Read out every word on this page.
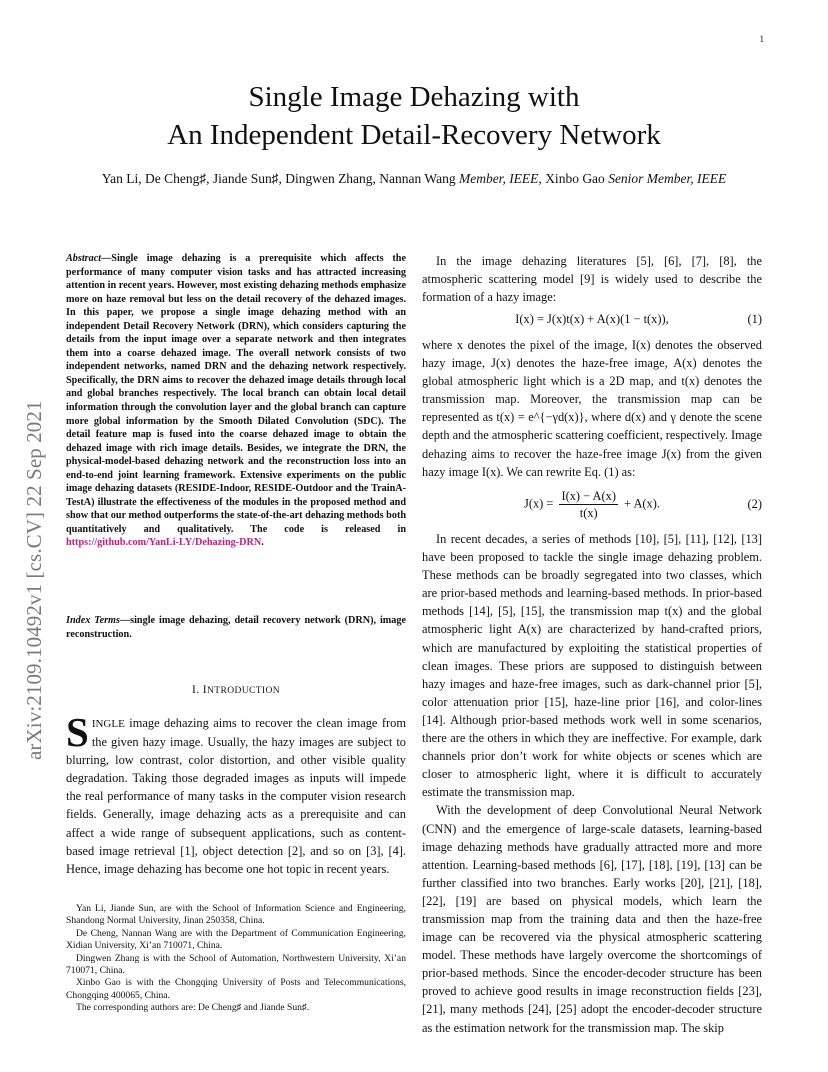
1
arXiv:2109.10492v1 [cs.CV] 22 Sep 2021
Single Image Dehazing with
An Independent Detail-Recovery Network
Yan Li, De Cheng♯, Jiande Sun♯, Dingwen Zhang, Nannan Wang Member, IEEE, Xinbo Gao Senior Member, IEEE
Abstract—Single image dehazing is a prerequisite which affects the performance of many computer vision tasks and has attracted increasing attention in recent years. However, most existing dehazing methods emphasize more on haze removal but less on the detail recovery of the dehazed images. In this paper, we propose a single image dehazing method with an independent Detail Recovery Network (DRN), which considers capturing the details from the input image over a separate network and then integrates them into a coarse dehazed image. The overall network consists of two independent networks, named DRN and the dehazing network respectively. Specifically, the DRN aims to recover the dehazed image details through local and global branches respectively. The local branch can obtain local detail information through the convolution layer and the global branch can capture more global information by the Smooth Dilated Convolution (SDC). The detail feature map is fused into the coarse dehazed image to obtain the dehazed image with rich image details. Besides, we integrate the DRN, the physical-model-based dehazing network and the reconstruction loss into an end-to-end joint learning framework. Extensive experiments on the public image dehazing datasets (RESIDE-Indoor, RESIDE-Outdoor and the TrainA-TestA) illustrate the effectiveness of the modules in the proposed method and show that our method outperforms the state-of-the-art dehazing methods both quantitatively and qualitatively. The code is released in https://github.com/YanLi-LY/Dehazing-DRN.
Index Terms—single image dehazing, detail recovery network (DRN), image reconstruction.
I. INTRODUCTION
SINGLE image dehazing aims to recover the clean image from the given hazy image. Usually, the hazy images are subject to blurring, low contrast, color distortion, and other visible quality degradation. Taking those degraded images as inputs will impede the real performance of many tasks in the computer vision research fields. Generally, image dehazing acts as a prerequisite and can affect a wide range of subsequent applications, such as content-based image retrieval [1], object detection [2], and so on [3], [4]. Hence, image dehazing has become one hot topic in recent years.

Yan Li, Jiande Sun, are with the School of Information Science and Engineering, Shandong Normal University, Jinan 250358, China.

De Cheng, Nannan Wang are with the Department of Communication Engineering, Xidian University, Xi’an 710071, China.

Dingwen Zhang is with the School of Automation, Northwestern University, Xi’an 710071, China.

Xinbo Gao is with the Chongqing University of Posts and Telecommunications, Chongqing 400065, China.

The corresponding authors are: De Cheng♯ and Jiande Sun♯.

In the image dehazing literatures [5], [6], [7], [8], the atmospheric scattering model [9] is widely used to describe the formation of a hazy image:

I(x) = J(x)t(x) + A(x)(1 − t(x)),	(1)

where x denotes the pixel of the image, I(x) denotes the observed hazy image, J(x) denotes the haze-free image, A(x) denotes the global atmospheric light which is a 2D map, and t(x) denotes the transmission map. Moreover, the transmission map can be represented as t(x) = e^{−γd(x)}, where d(x) and γ denote the scene depth and the atmospheric scattering coefficient, respectively. Image dehazing aims to recover the haze-free image J(x) from the given hazy image I(x). We can rewrite Eq. (1) as:

$J(x) = \frac{I(x) - A(x)}{t(x)} + A(x)$.	(2)

In recent decades, a series of methods [10], [5], [11], [12], [13] have been proposed to tackle the single image dehazing problem. These methods can be broadly segregated into two classes, which are prior-based methods and learning-based methods. In prior-based methods [14], [5], [15], the transmission map t(x) and the global atmospheric light A(x) are characterized by hand-crafted priors, which are manufactured by exploiting the statistical properties of clean images. These priors are supposed to distinguish between hazy images and haze-free images, such as dark-channel prior [5], color attenuation prior [15], haze-line prior [16], and color-lines [14]. Although prior-based methods work well in some scenarios, there are the others in which they are ineffective. For example, dark channels prior don’t work for white objects or scenes which are closer to atmospheric light, where it is difficult to accurately estimate the transmission map.

With the development of deep Convolutional Neural Network (CNN) and the emergence of large-scale datasets, learning-based image dehazing methods have gradually attracted more and more attention. Learning-based methods [6], [17], [18], [19], [13] can be further classified into two branches. Early works [20], [21], [18], [22], [19] are based on physical models, which learn the transmission map from the training data and then the haze-free image can be recovered via the physical atmospheric scattering model. These methods have largely overcome the shortcomings of prior-based methods. Since the encoder-decoder structure has been proved to achieve good results in image reconstruction fields [23], [21], many methods [24], [25] adopt the encoder-decoder structure as the estimation network for the transmission map. The skip
